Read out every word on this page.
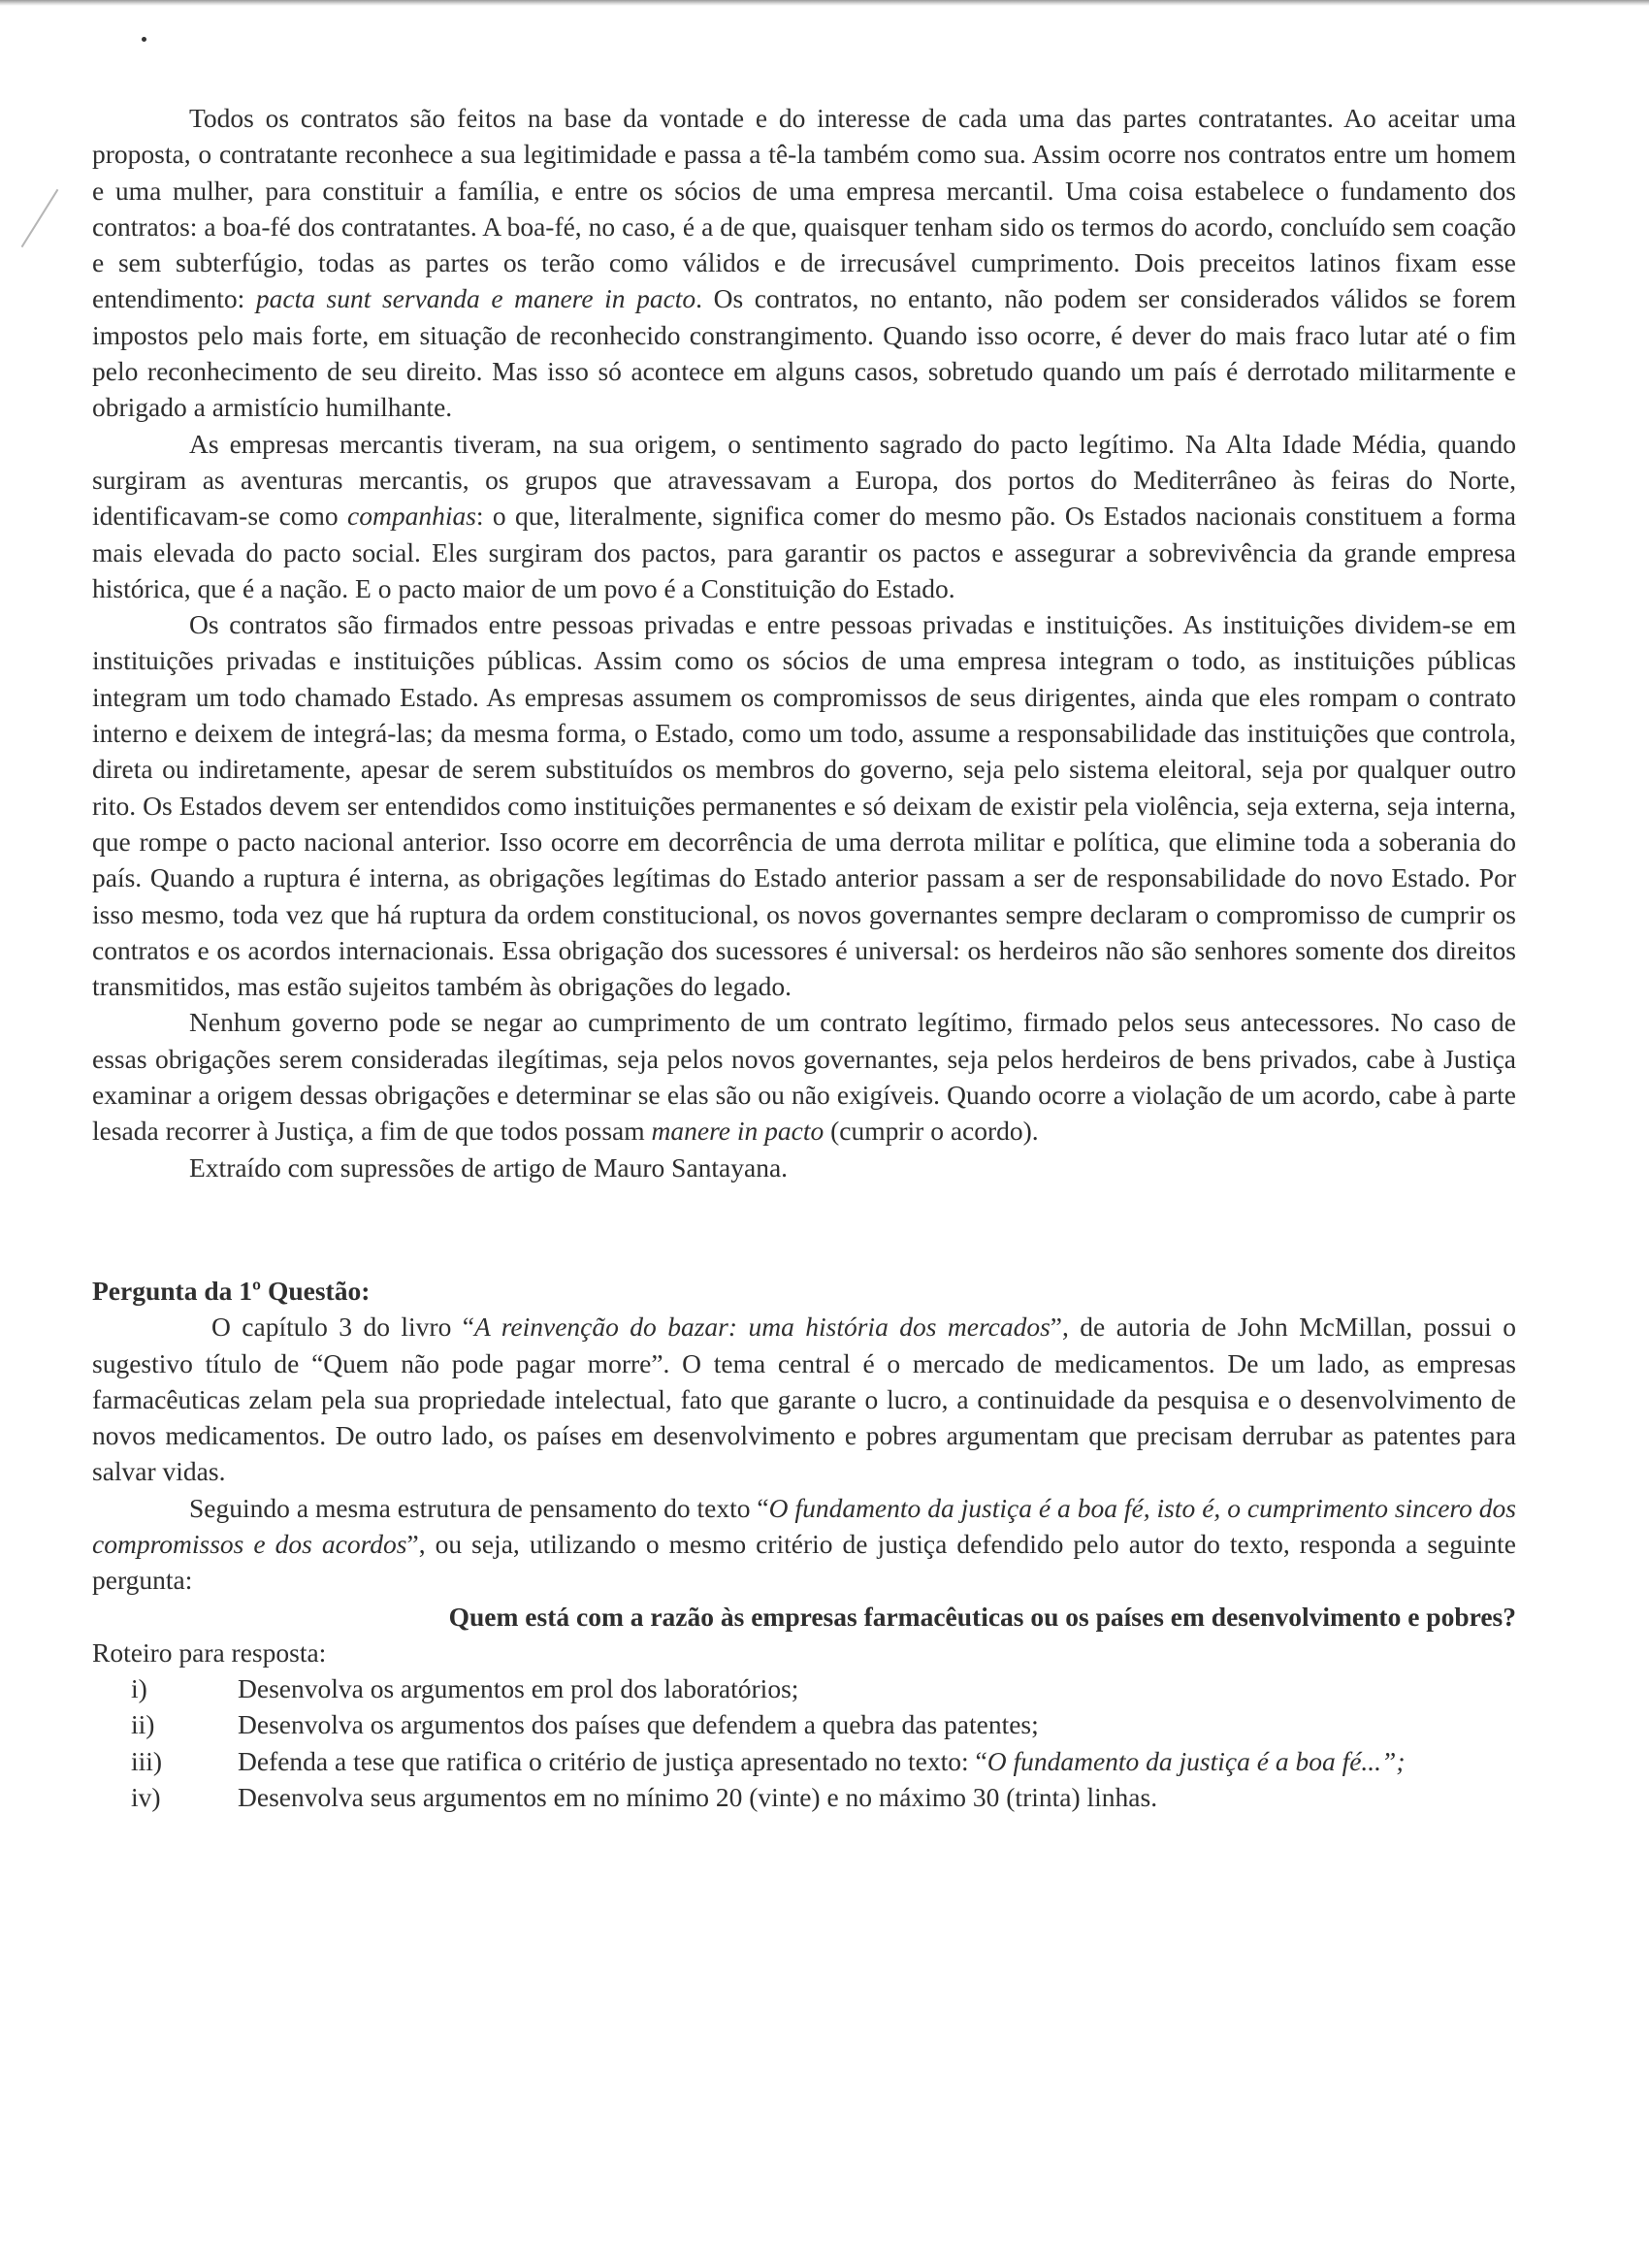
Todos os contratos são feitos na base da vontade e do interesse de cada uma das partes contratantes. Ao aceitar uma proposta, o contratante reconhece a sua legitimidade e passa a tê-la também como sua. Assim ocorre nos contratos entre um homem e uma mulher, para constituir a família, e entre os sócios de uma empresa mercantil. Uma coisa estabelece o fundamento dos contratos: a boa-fé dos contratantes. A boa-fé, no caso, é a de que, quaisquer tenham sido os termos do acordo, concluído sem coação e sem subterfúgio, todas as partes os terão como válidos e de irrecusável cumprimento. Dois preceitos latinos fixam esse entendimento: pacta sunt servanda e manere in pacto. Os contratos, no entanto, não podem ser considerados válidos se forem impostos pelo mais forte, em situação de reconhecido constrangimento. Quando isso ocorre, é dever do mais fraco lutar até o fim pelo reconhecimento de seu direito. Mas isso só acontece em alguns casos, sobretudo quando um país é derrotado militarmente e obrigado a armistício humilhante.

As empresas mercantis tiveram, na sua origem, o sentimento sagrado do pacto legítimo. Na Alta Idade Média, quando surgiram as aventuras mercantis, os grupos que atravessavam a Europa, dos portos do Mediterrâneo às feiras do Norte, identificavam-se como companhias: o que, literalmente, significa comer do mesmo pão. Os Estados nacionais constituem a forma mais elevada do pacto social. Eles surgiram dos pactos, para garantir os pactos e assegurar a sobrevivência da grande empresa histórica, que é a nação. E o pacto maior de um povo é a Constituição do Estado.

Os contratos são firmados entre pessoas privadas e entre pessoas privadas e instituições. As instituições dividem-se em instituições privadas e instituições públicas. Assim como os sócios de uma empresa integram o todo, as instituições públicas integram um todo chamado Estado. As empresas assumem os compromissos de seus dirigentes, ainda que eles rompam o contrato interno e deixem de integrá-las; da mesma forma, o Estado, como um todo, assume a responsabilidade das instituições que controla, direta ou indiretamente, apesar de serem substituídos os membros do governo, seja pelo sistema eleitoral, seja por qualquer outro rito. Os Estados devem ser entendidos como instituições permanentes e só deixam de existir pela violência, seja externa, seja interna, que rompe o pacto nacional anterior. Isso ocorre em decorrência de uma derrota militar e política, que elimine toda a soberania do país. Quando a ruptura é interna, as obrigações legítimas do Estado anterior passam a ser de responsabilidade do novo Estado. Por isso mesmo, toda vez que há ruptura da ordem constitucional, os novos governantes sempre declaram o compromisso de cumprir os contratos e os acordos internacionais. Essa obrigação dos sucessores é universal: os herdeiros não são senhores somente dos direitos transmitidos, mas estão sujeitos também às obrigações do legado.

Nenhum governo pode se negar ao cumprimento de um contrato legítimo, firmado pelos seus antecessores. No caso de essas obrigações serem consideradas ilegítimas, seja pelos novos governantes, seja pelos herdeiros de bens privados, cabe à Justiça examinar a origem dessas obrigações e determinar se elas são ou não exigíveis. Quando ocorre a violação de um acordo, cabe à parte lesada recorrer à Justiça, a fim de que todos possam manere in pacto (cumprir o acordo).

Extraído com supressões de artigo de Mauro Santayana.

Pergunta da 1º Questão:

O capítulo 3 do livro “A reinvenção do bazar: uma história dos mercados”, de autoria de John McMillan, possui o sugestivo título de “Quem não pode pagar morre”. O tema central é o mercado de medicamentos. De um lado, as empresas farmacêuticas zelam pela sua propriedade intelectual, fato que garante o lucro, a continuidade da pesquisa e o desenvolvimento de novos medicamentos. De outro lado, os países em desenvolvimento e pobres argumentam que precisam derrubar as patentes para salvar vidas.

Seguindo a mesma estrutura de pensamento do texto “O fundamento da justiça é a boa fé, isto é, o cumprimento sincero dos compromissos e dos acordos”, ou seja, utilizando o mesmo critério de justiça defendido pelo autor do texto, responda a seguinte pergunta:

Quem está com a razão às empresas farmacêuticas ou os países em desenvolvimento e pobres?

Roteiro para resposta:

i)	Desenvolva os argumentos em prol dos laboratórios;
ii)	Desenvolva os argumentos dos países que defendem a quebra das patentes;
iii)	Defenda a tese que ratifica o critério de justiça apresentado no texto: “O fundamento da justiça é a boa fé...”;
iv)	Desenvolva seus argumentos em no mínimo 20 (vinte) e no máximo 30 (trinta) linhas.
